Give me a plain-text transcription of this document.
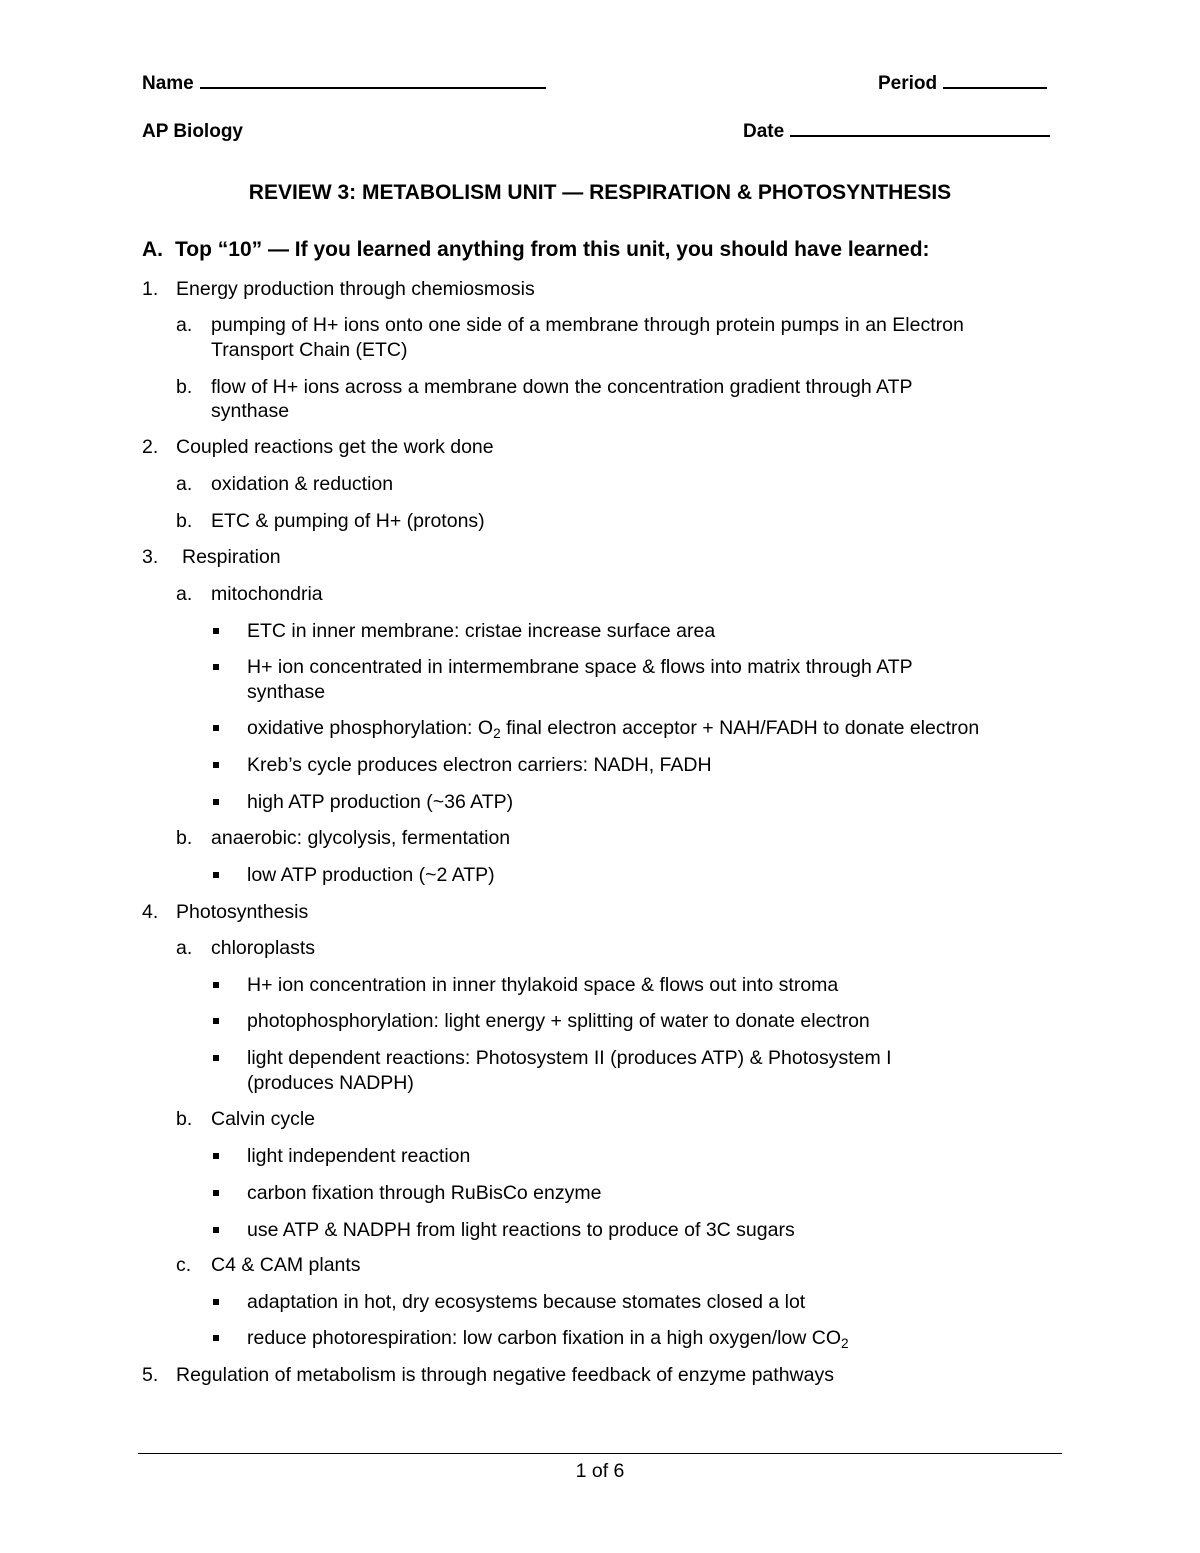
Name	Period
AP Biology	Date
REVIEW 3: METABOLISM UNIT — RESPIRATION & PHOTOSYNTHESIS
A. Top “10” — If you learned anything from this unit, you should have learned:
1. Energy production through chemiosmosis
a. pumping of H+ ions onto one side of a membrane through protein pumps in an Electron
Transport Chain (ETC)
b. flow of H+ ions across a membrane down the concentration gradient through ATP
synthase
2. Coupled reactions get the work done
a. oxidation & reduction
b. ETC & pumping of H+ (protons)
3. Respiration
a. mitochondria
ETC in inner membrane: cristae increase surface area
H+ ion concentrated in intermembrane space & flows into matrix through ATP
synthase
oxidative phosphorylation: $O_2$ final electron acceptor + NAH/FADH to donate electron
Kreb’s cycle produces electron carriers: NADH, FADH
high ATP production (~36 ATP)
b. anaerobic: glycolysis, fermentation
low ATP production (~2 ATP)
4. Photosynthesis
a. chloroplasts
H+ ion concentration in inner thylakoid space & flows out into stroma
photophosphorylation: light energy + splitting of water to donate electron
light dependent reactions: Photosystem II (produces ATP) & Photosystem I
(produces NADPH)
b. Calvin cycle
light independent reaction
carbon fixation through RuBisCo enzyme
use ATP & NADPH from light reactions to produce of 3C sugars
c. C4 & CAM plants
adaptation in hot, dry ecosystems because stomates closed a lot
reduce photorespiration: low carbon fixation in a high oxygen/low $CO_2$
5. Regulation of metabolism is through negative feedback of enzyme pathways
1 of 6
